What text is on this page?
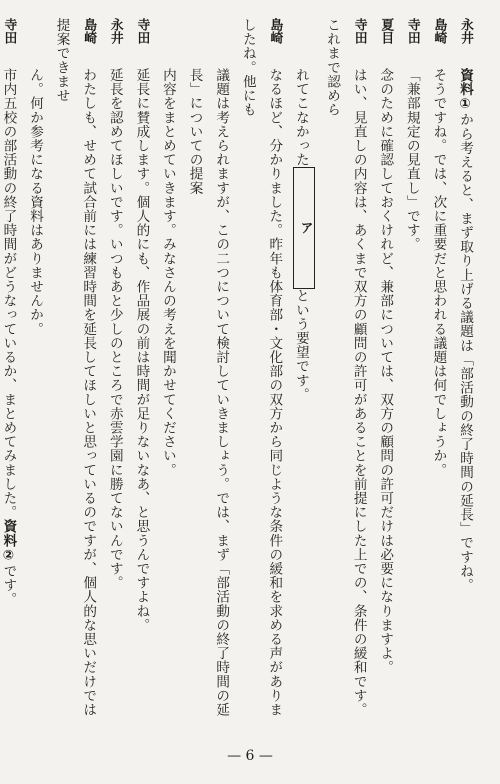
永井資料①から考えると、まず取り上げる議題は「部活動の終了時間の延長」ですね。
島崎そうですね。では、次に重要だと思われる議題は何でしょうか。
寺田「兼部規定の見直し」です。
夏目念のために確認しておくけれど、兼部については、双方の顧問の許可だけは必要になりますよ。
寺田はい、見直しの内容は、あくまで双方の顧問の許可があることを前提にした上での、条件の緩和です。これまで認めら
れてこなかったアという要望です。
島崎なるほど、分かりました。昨年も体育部・文化部の双方から同じような条件の緩和を求める声がありましたね。他にも
議題は考えられますが、この二つについて検討していきましょう。では、まず「部活動の終了時間の延長」についての提案
内容をまとめていきます。みなさんの考えを聞かせてください。
寺田延長に賛成します。個人的にも、作品展の前は時間が足りないなあ、と思うんですよね。
永井延長を認めてほしいです。いつもあと少しのところで赤雲学園に勝てないんです。
島崎わたしも、せめて試合前には練習時間を延長してほしいと思っているのですが、個人的な思いだけでは提案できませ
ん。何か参考になる資料はありませんか。
寺田市内五校の部活動の終了時間がどうなっているか、まとめてみました。資料②です。
— 6 —
